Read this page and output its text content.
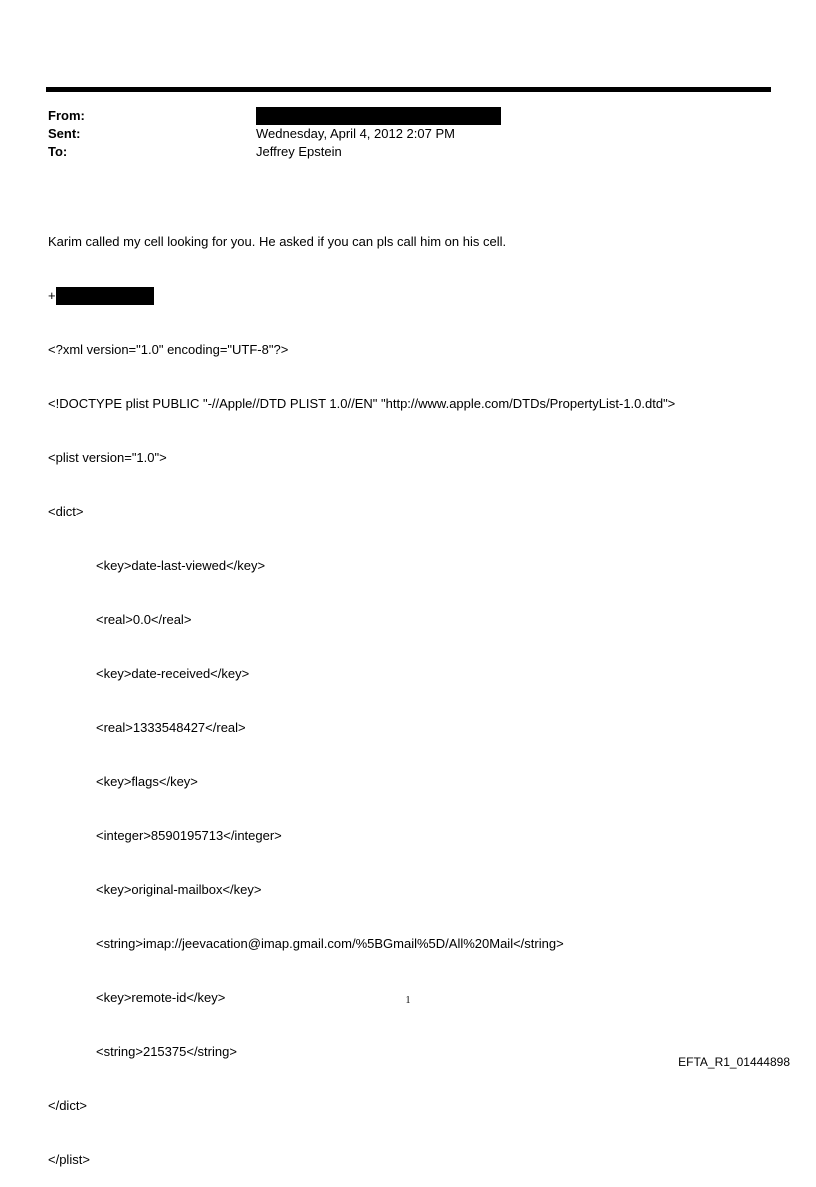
From:
Sent:	Wednesday, April 4, 2012 2:07 PM
To:	Jeffrey Epstein

Karim called my cell looking for you. He asked if you can pls call him on his cell.

+

<?xml version="1.0" encoding="UTF-8"?>

<!DOCTYPE plist PUBLIC "-//Apple//DTD PLIST 1.0//EN" "http://www.apple.com/DTDs/PropertyList-1.0.dtd">

<plist version="1.0">

<dict>

<key>date-last-viewed</key>

<real>0.0</real>

<key>date-received</key>

<real>1333548427</real>

<key>flags</key>

<integer>8590195713</integer>

<key>original-mailbox</key>

<string>imap://jeevacation@imap.gmail.com/%5BGmail%5D/All%20Mail</string>

<key>remote-id</key>

<string>215375</string>

</dict>

</plist>

1
EFTA_R1_01444898
